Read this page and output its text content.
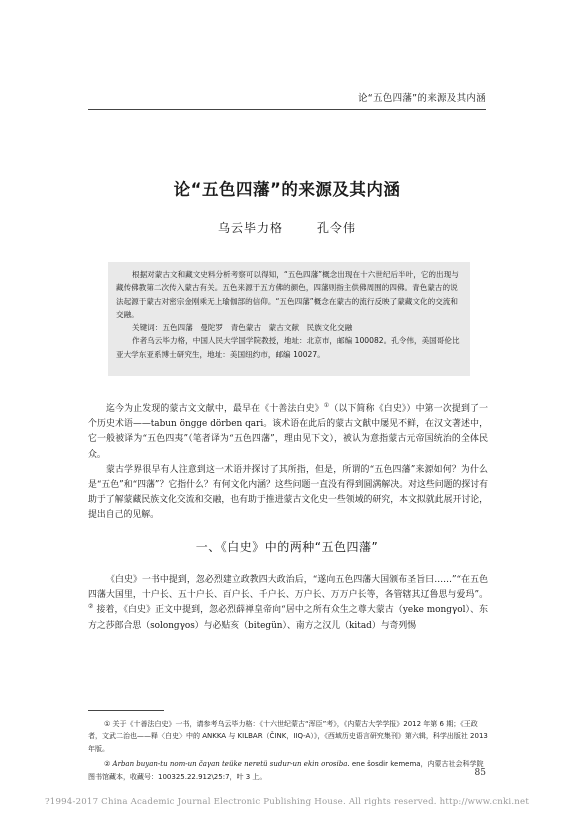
论“五色四藩”的来源及其内涵
论“五色四藩”的来源及其内涵
乌云毕力格	孔令伟

根据对蒙古文和藏文史料分析考察可以得知，“五色四藩”概念出现在十六世纪后半叶，它的出现与藏传佛教第二次传入蒙古有关。五色来源于五方佛的颜色，四藩则指主供佛周围的四佛。青色蒙古的说法起源于蒙古对密宗金刚乘无上瑜伽部的信仰。“五色四藩”概念在蒙古的流行反映了蒙藏文化的交流和交融。

关键词：五色四藩　曼陀罗　青色蒙古　蒙古文献　民族文化交融

作者乌云毕力格，中国人民大学国学院教授，地址：北京市，邮编 100082。孔令伟，美国哥伦比亚大学东亚系博士研究生，地址：美国纽约市，邮编 10027。

迄今为止发现的蒙古文文献中，最早在《十善法白史》①（以下简称《白史》）中第一次提到了一个历史术语——tabun öngge dörben qari。该术语在此后的蒙古文献中屡见不鲜，在汉文著述中，它一般被译为“五色四夷”（笔者译为“五色四藩”，理由见下文），被认为意指蒙古元帝国统治的全体民众。

蒙古学界很早有人注意到这一术语并探讨了其所指，但是，所谓的“五色四藩”来源如何？为什么是“五色”和“四藩”？它指什么？有何文化内涵？这些问题一直没有得到圆满解决。对这些问题的探讨有助于了解蒙藏民族文化交流和交融，也有助于推进蒙古文化史一些领域的研究，本文拟就此展开讨论，提出自己的见解。

一、《白史》中的两种“五色四藩”

《白史》一书中提到，忽必烈建立政教四大政治后，“遂向五色四藩大国颁布圣旨曰……”“在五色四藩大国里，十户长、五十户长、百户长、千户长、万户长、万万户长等，各管辖其辽鲁思与爱玛”。② 接着，《白史》正文中提到，忽必烈薛禅皇帝向“居中之所有众生之尊大蒙古（yeke mongγol）、东方之莎郎合思（solongγos）与必贴亥（bitegün）、南方之汉儿（kitad）与奇列惕

① 关于《十善法白史》一书，请参考乌云毕力格：《十六世纪蒙古“浑臣”考》，《内蒙古大学学报》2012 年第 6 期；《王政者，文武二治也——释〈白史〉中的 ANKKA 与 KILBAR（ČINK，IIQ-A）》，《西域历史语言研究集刊》第六辑，科学出版社 2013 年版。

② Arban buyan-tu nom-un čaγan teüke neretü sudur-un ekin orosiba. ene šosdir kemema，内蒙古社会科学院图书馆藏本，收藏号：100325.22.912\25:7，叶 3 上。	85
?1994-2017 China Academic Journal Electronic Publishing House. All rights reserved. http://www.cnki.net
